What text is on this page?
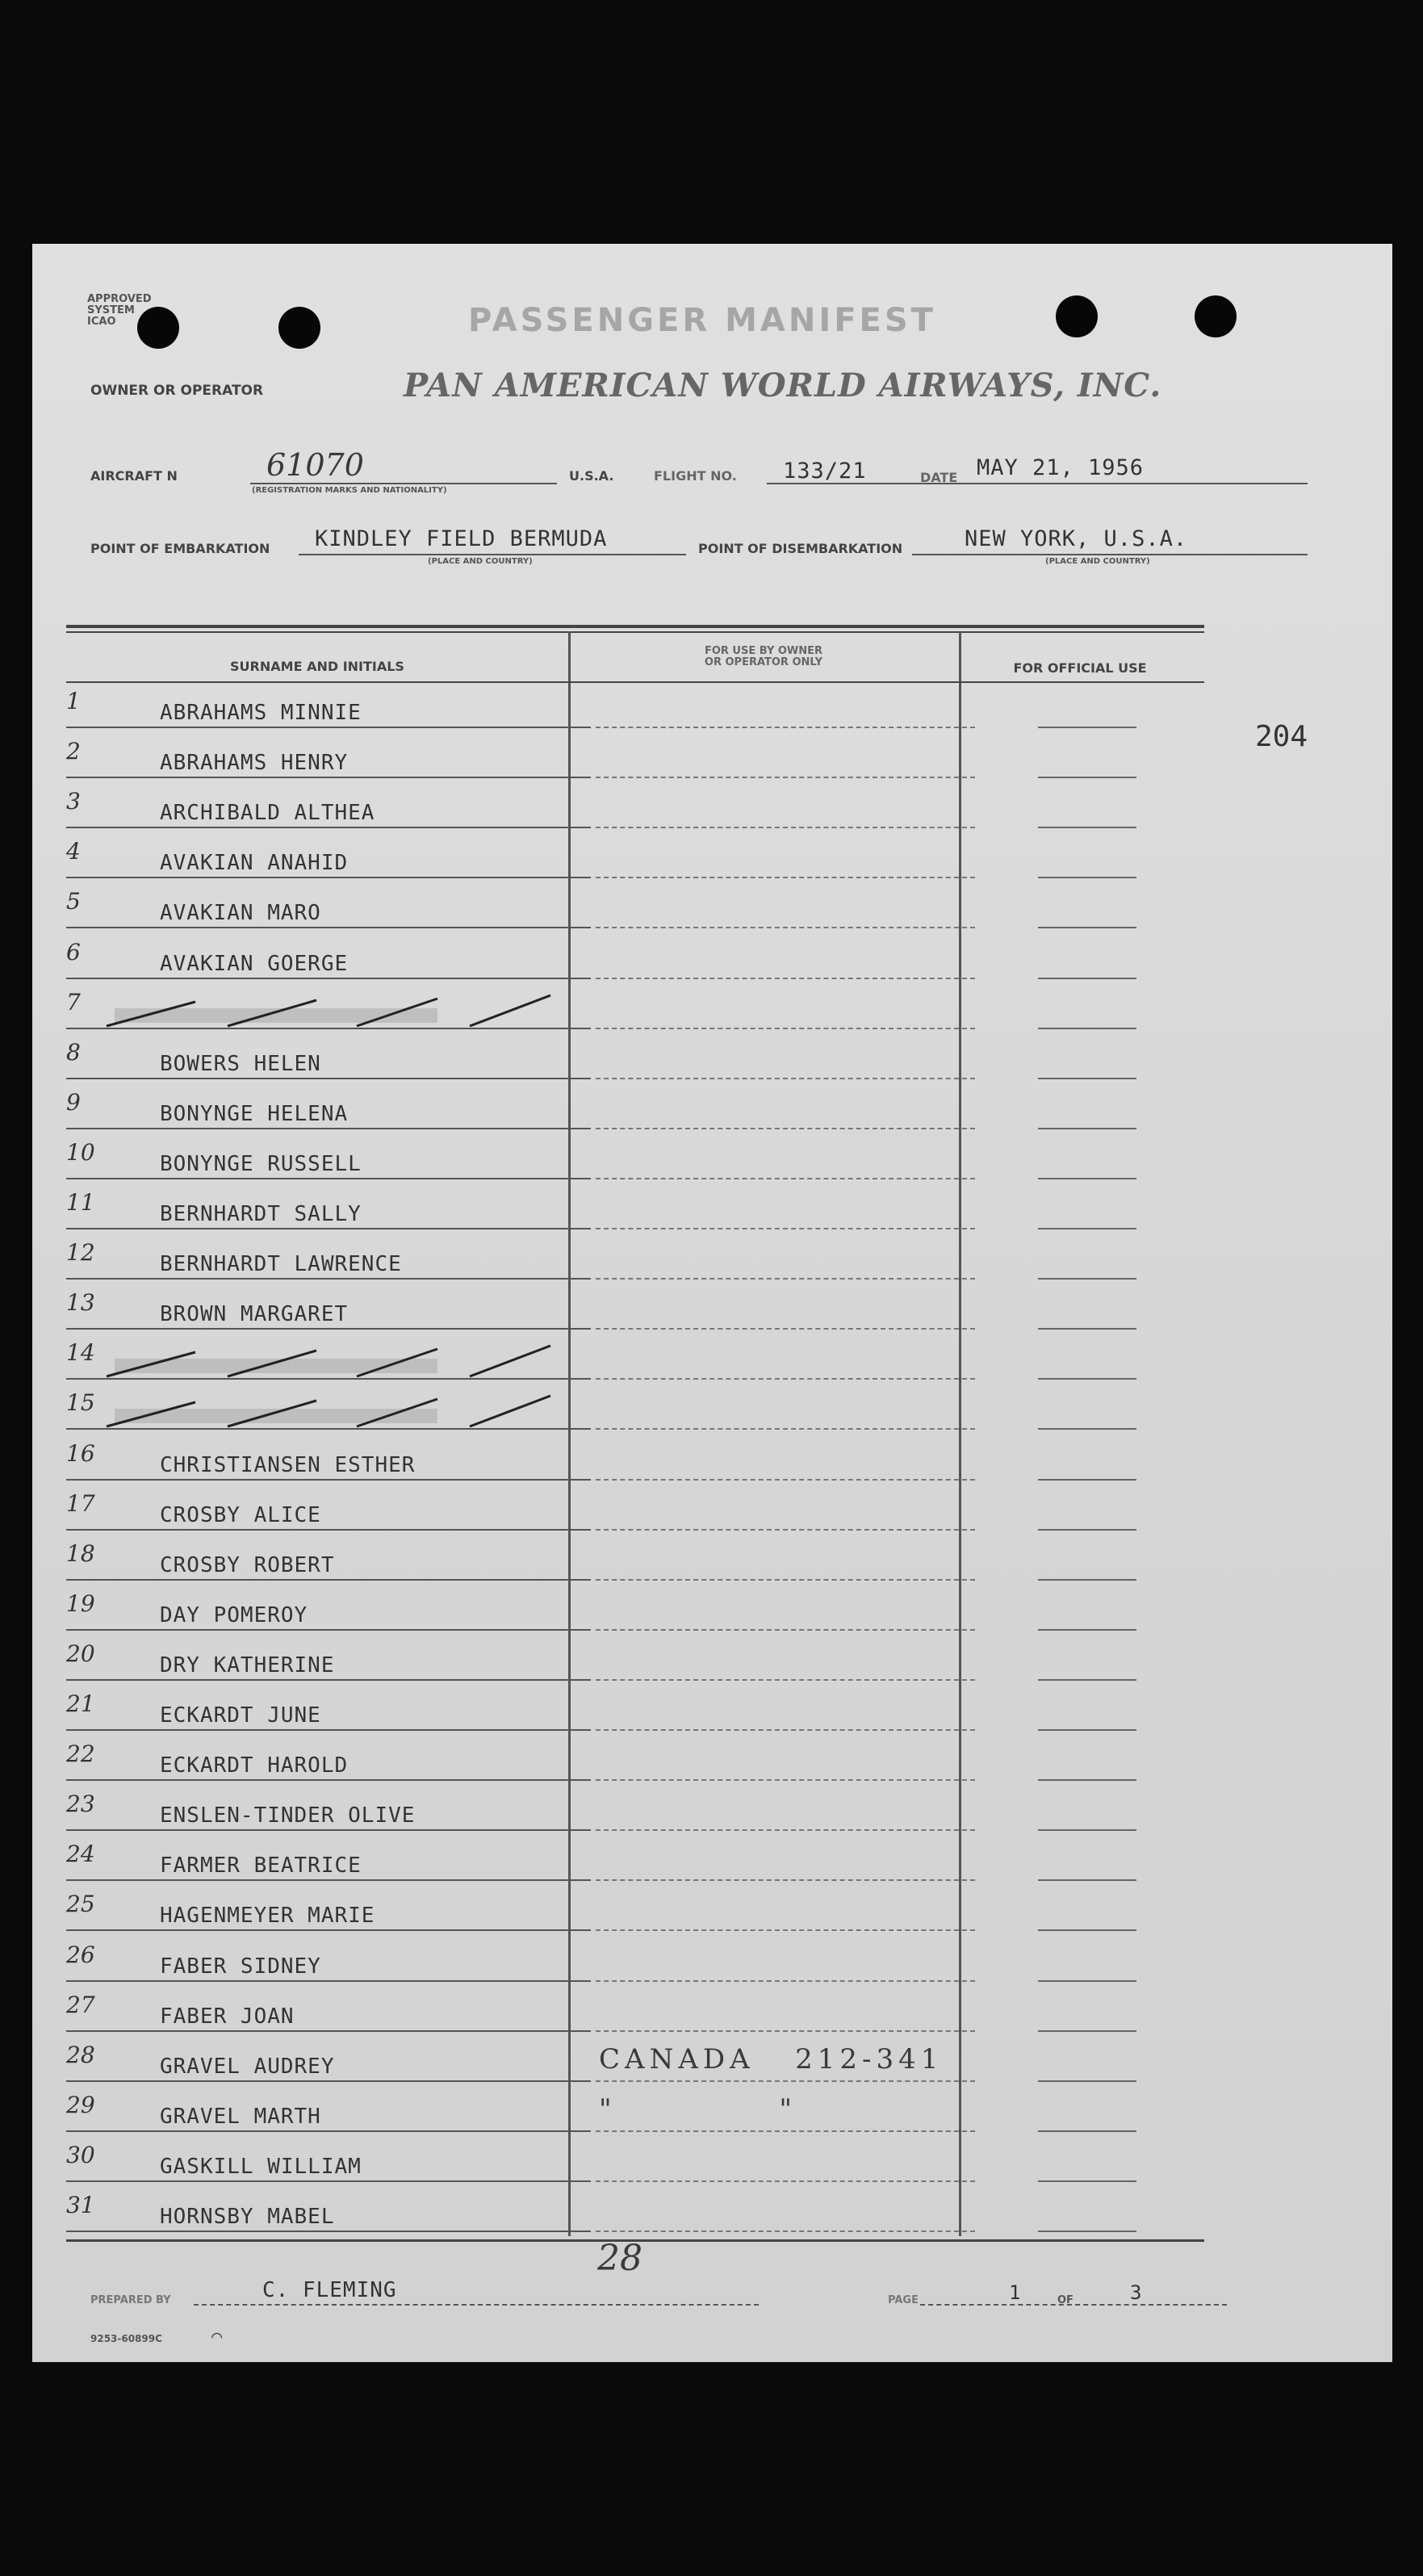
APPROVED
SYSTEM
ICAO	PASSENGER MANIFEST
OWNER OR OPERATOR	PAN AMERICAN WORLD AIRWAYS, INC.
AIRCRAFT N	61070
(REGISTRATION MARKS AND NATIONALITY)
U.S.A.	FLIGHT NO. 133/21	DATE MAY 21, 1956
POINT OF EMBARKATION KINDLEY FIELD BERMUDA
(PLACE AND COUNTRY)
POINT OF DISEMBARKATION	NEW YORK, U.S.A.
(PLACE AND COUNTRY)
204
SURNAME AND INITIALS
FOR USE BY OWNER
OR OPERATOR ONLY	FOR OFFICIAL USE
1	ABRAHAMS MINNIE
2	ABRAHAMS HENRY
3	ARCHIBALD ALTHEA
4	AVAKIAN ANAHID
5	AVAKIAN MARO
6	AVAKIAN GOERGE
7
8	BOWERS HELEN
9	BONYNGE HELENA
10	BONYNGE RUSSELL
11	BERNHARDT SALLY
12	BERNHARDT LAWRENCE
13	BROWN MARGARET
14
15
16	CHRISTIANSEN ESTHER
17	CROSBY ALICE
18	CROSBY ROBERT
19	DAY POMEROY
20	DRY KATHERINE
21	ECKARDT JUNE
22	ECKARDT HAROLD
23	ENSLEN-TINDER OLIVE
24	FARMER BEATRICE
25	HAGENMEYER MARIE
26	FABER SIDNEY
27	FABER JOAN
28	GRAVEL AUDREY	CANADA   212-341
29	GRAVEL MARTH	"            "
30	GASKILL WILLIAM
31	HORNSBY MABEL
28
PREPARED BY	C. FLEMING	PAGE	1	OF	3
9253-60899C	⌒
